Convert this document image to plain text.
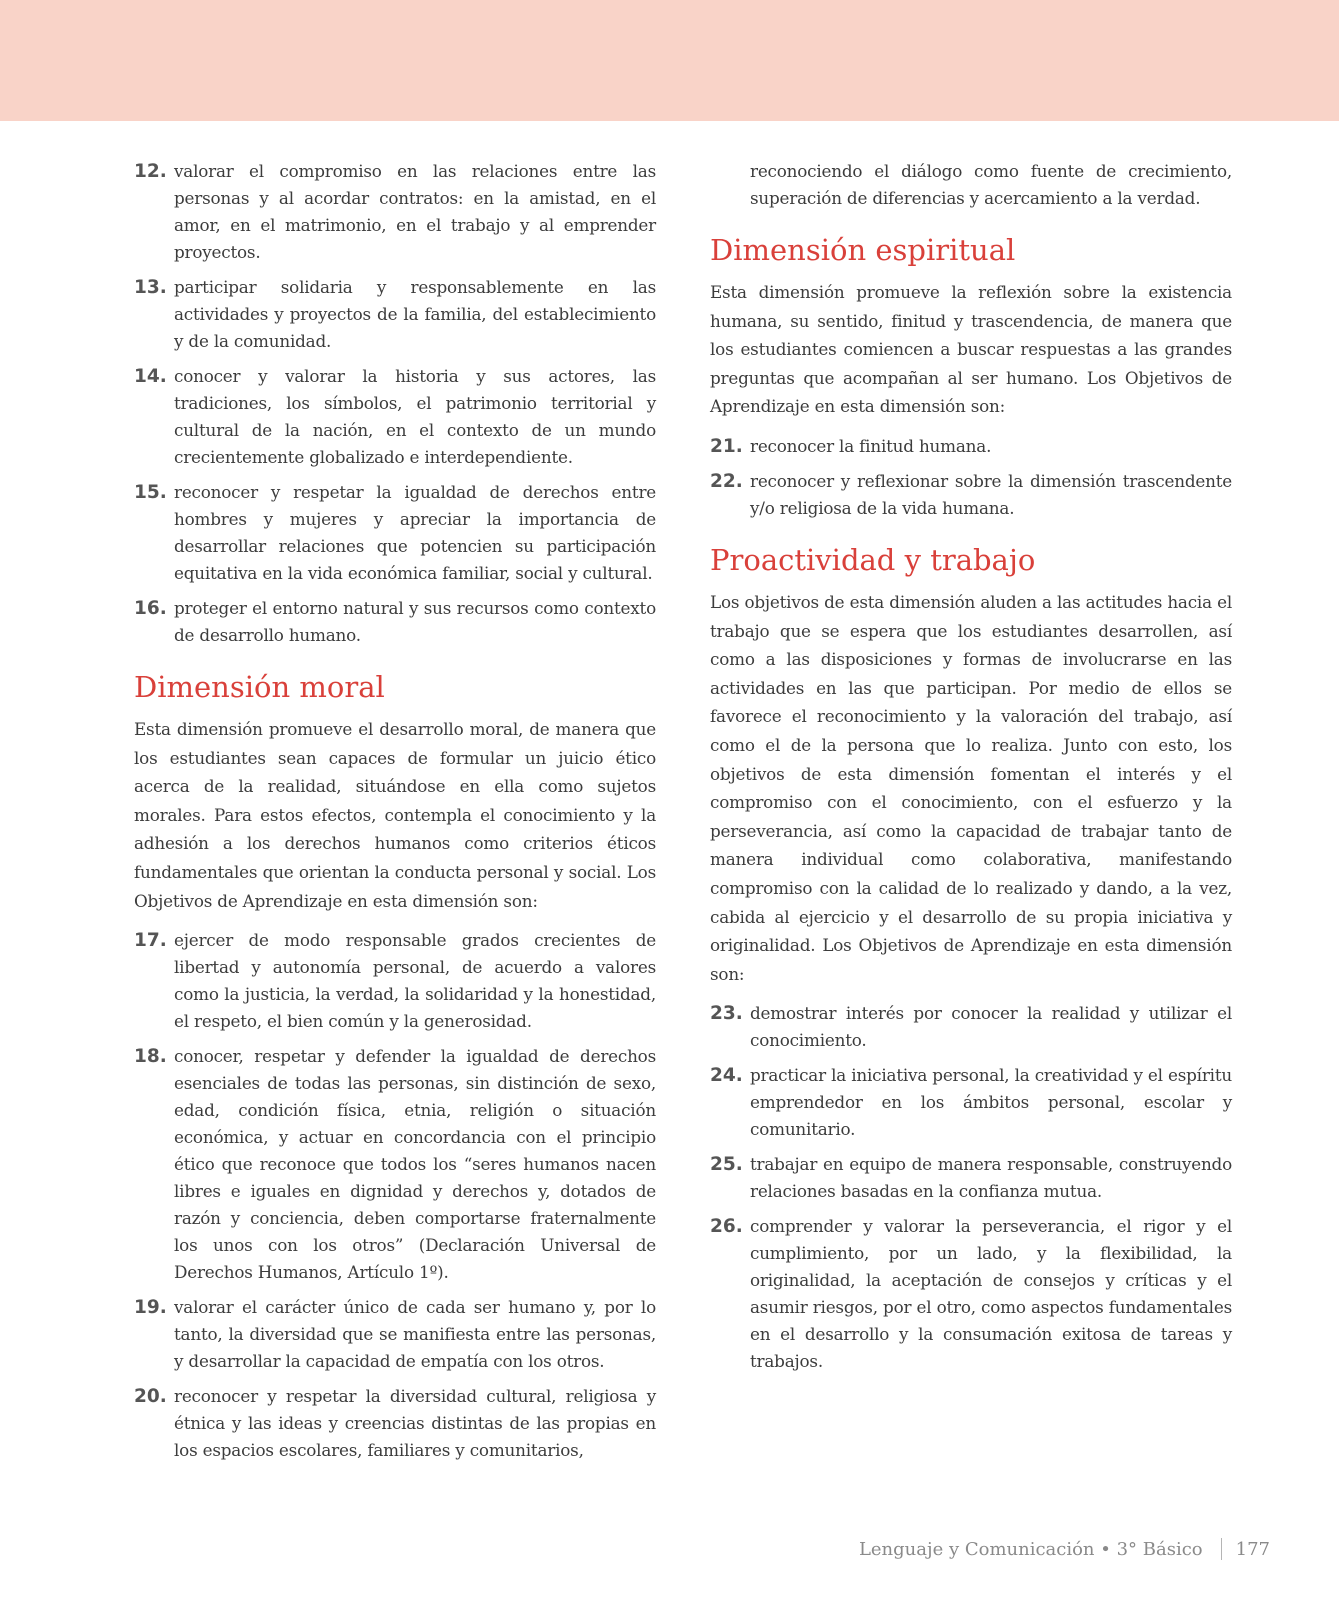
12. valorar el compromiso en las relaciones entre las personas y al acordar contratos: en la amistad, en el amor, en el matrimonio, en el trabajo y al emprender proyectos.
13. participar solidaria y responsablemente en las actividades y proyectos de la familia, del establecimiento y de la comunidad.
14. conocer y valorar la historia y sus actores, las tradiciones, los símbolos, el patrimonio territorial y cultural de la nación, en el contexto de un mundo crecientemente globalizado e interdependiente.
15. reconocer y respetar la igualdad de derechos entre hombres y mujeres y apreciar la importancia de desarrollar relaciones que potencien su participación equitativa en la vida económica familiar, social y cultural.
16. proteger el entorno natural y sus recursos como contexto de desarrollo humano.
Dimensión moral

Esta dimensión promueve el desarrollo moral, de manera que los estudiantes sean capaces de formular un juicio ético acerca de la realidad, situándose en ella como sujetos morales. Para estos efectos, contempla el conocimiento y la adhesión a los derechos humanos como criterios éticos fundamentales que orientan la conducta personal y social. Los Objetivos de Aprendizaje en esta dimensión son:

17. ejercer de modo responsable grados crecientes de libertad y autonomía personal, de acuerdo a valores como la justicia, la verdad, la solidaridad y la honestidad, el respeto, el bien común y la generosidad.
18. conocer, respetar y defender la igualdad de derechos esenciales de todas las personas, sin distinción de sexo, edad, condición física, etnia, religión o situación económica, y actuar en concordancia con el principio ético que reconoce que todos los “seres humanos nacen libres e iguales en dignidad y derechos y, dotados de razón y conciencia, deben comportarse fraternalmente los unos con los otros” (Declaración Universal de Derechos Humanos, Artículo 1º).
19. valorar el carácter único de cada ser humano y, por lo tanto, la diversidad que se manifiesta entre las personas, y desarrollar la capacidad de empatía con los otros.
20. reconocer y respetar la diversidad cultural, religiosa y étnica y las ideas y creencias distintas de las propias en los espacios escolares, familiares y comunitarios,
reconociendo el diálogo como fuente de crecimiento, superación de diferencias y acercamiento a la verdad.
Dimensión espiritual

Esta dimensión promueve la reflexión sobre la existencia humana, su sentido, finitud y trascendencia, de manera que los estudiantes comiencen a buscar respuestas a las grandes preguntas que acompañan al ser humano. Los Objetivos de Aprendizaje en esta dimensión son:

21. reconocer la finitud humana.
22. reconocer y reflexionar sobre la dimensión trascendente y/o religiosa de la vida humana.
Proactividad y trabajo

Los objetivos de esta dimensión aluden a las actitudes hacia el trabajo que se espera que los estudiantes desarrollen, así como a las disposiciones y formas de involucrarse en las actividades en las que participan. Por medio de ellos se favorece el reconocimiento y la valoración del trabajo, así como el de la persona que lo realiza. Junto con esto, los objetivos de esta dimensión fomentan el interés y el compromiso con el conocimiento, con el esfuerzo y la perseverancia, así como la capacidad de trabajar tanto de manera individual como colaborativa, manifestando compromiso con la calidad de lo realizado y dando, a la vez, cabida al ejercicio y el desarrollo de su propia iniciativa y originalidad. Los Objetivos de Aprendizaje en esta dimensión son:

23. demostrar interés por conocer la realidad y utilizar el conocimiento.
24. practicar la iniciativa personal, la creatividad y el espíritu emprendedor en los ámbitos personal, escolar y comunitario.
25. trabajar en equipo de manera responsable, construyendo relaciones basadas en la confianza mutua.
26. comprender y valorar la perseverancia, el rigor y el cumplimiento, por un lado, y la flexibilidad, la originalidad, la aceptación de consejos y críticas y el asumir riesgos, por el otro, como aspectos fundamentales en el desarrollo y la consumación exitosa de tareas y trabajos.
Lenguaje y Comunicación • 3° Básico 177
